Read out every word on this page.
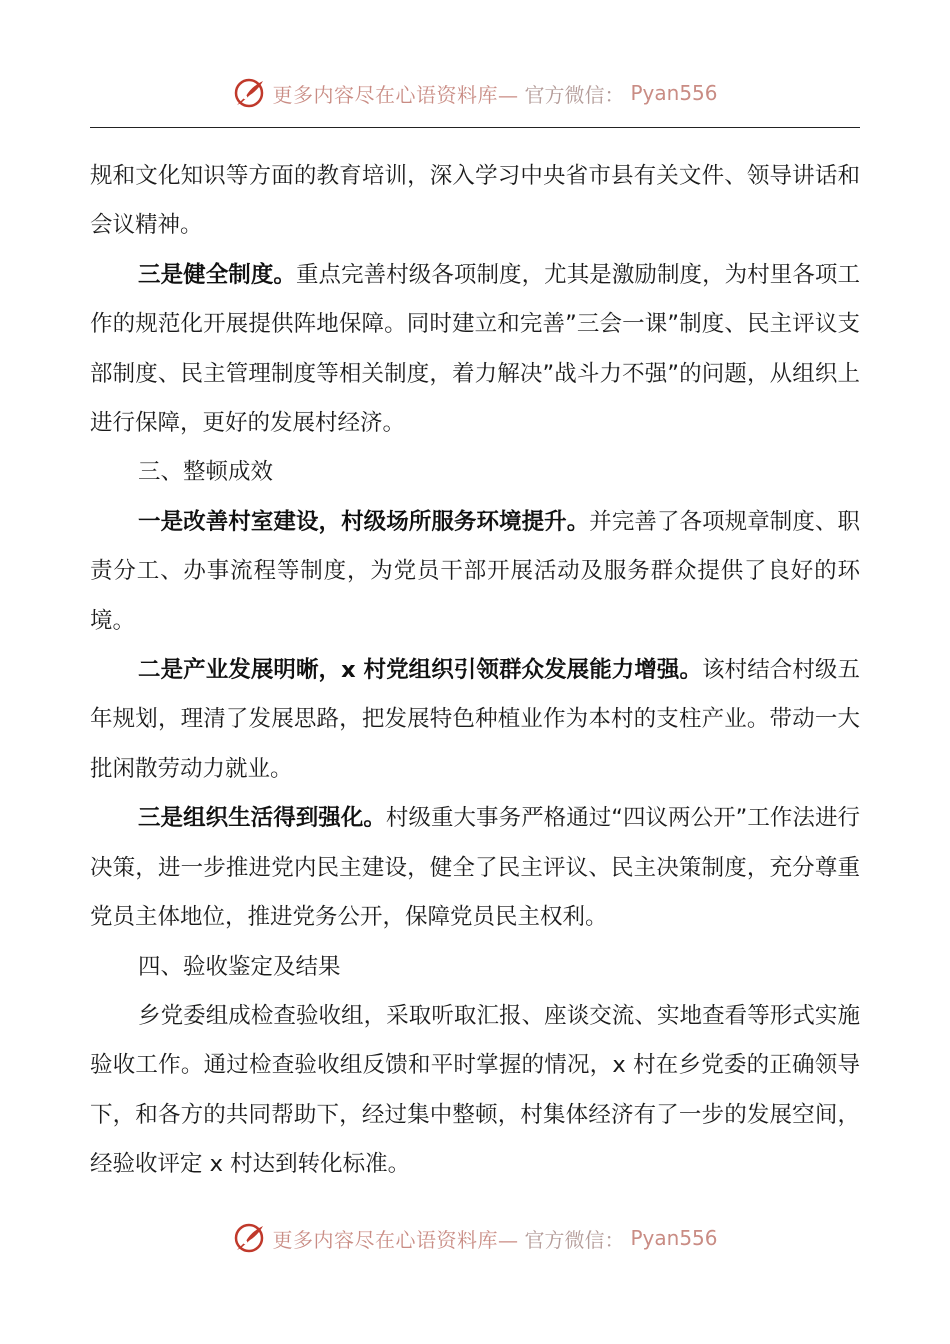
更多内容尽在心语资料库— 官方微信： Pyan556

规和文化知识等方面的教育培训，深入学习中央省市县有关文件、领导讲话和会议精神。

三是健全制度。重点完善村级各项制度，尤其是激励制度，为村里各项工作的规范化开展提供阵地保障。同时建立和完善”三会一课”制度、民主评议支部制度、民主管理制度等相关制度，着力解决”战斗力不强”的问题，从组织上进行保障，更好的发展村经济。

三、整顿成效

一是改善村室建设，村级场所服务环境提升。并完善了各项规章制度、职责分工、办事流程等制度，为党员干部开展活动及服务群众提供了良好的环境。

二是产业发展明晰，x 村党组织引领群众发展能力增强。该村结合村级五年规划，理清了发展思路，把发展特色种植业作为本村的支柱产业。带动一大批闲散劳动力就业。

三是组织生活得到强化。村级重大事务严格通过“四议两公开”工作法进行决策，进一步推进党内民主建设，健全了民主评议、民主决策制度，充分尊重党员主体地位，推进党务公开，保障党员民主权利。

四、验收鉴定及结果

乡党委组成检查验收组，采取听取汇报、座谈交流、实地查看等形式实施验收工作。通过检查验收组反馈和平时掌握的情况，x 村在乡党委的正确领导下，和各方的共同帮助下，经过集中整顿，村集体经济有了一步的发展空间，经验收评定 x 村达到转化标准。

更多内容尽在心语资料库— 官方微信： Pyan556
